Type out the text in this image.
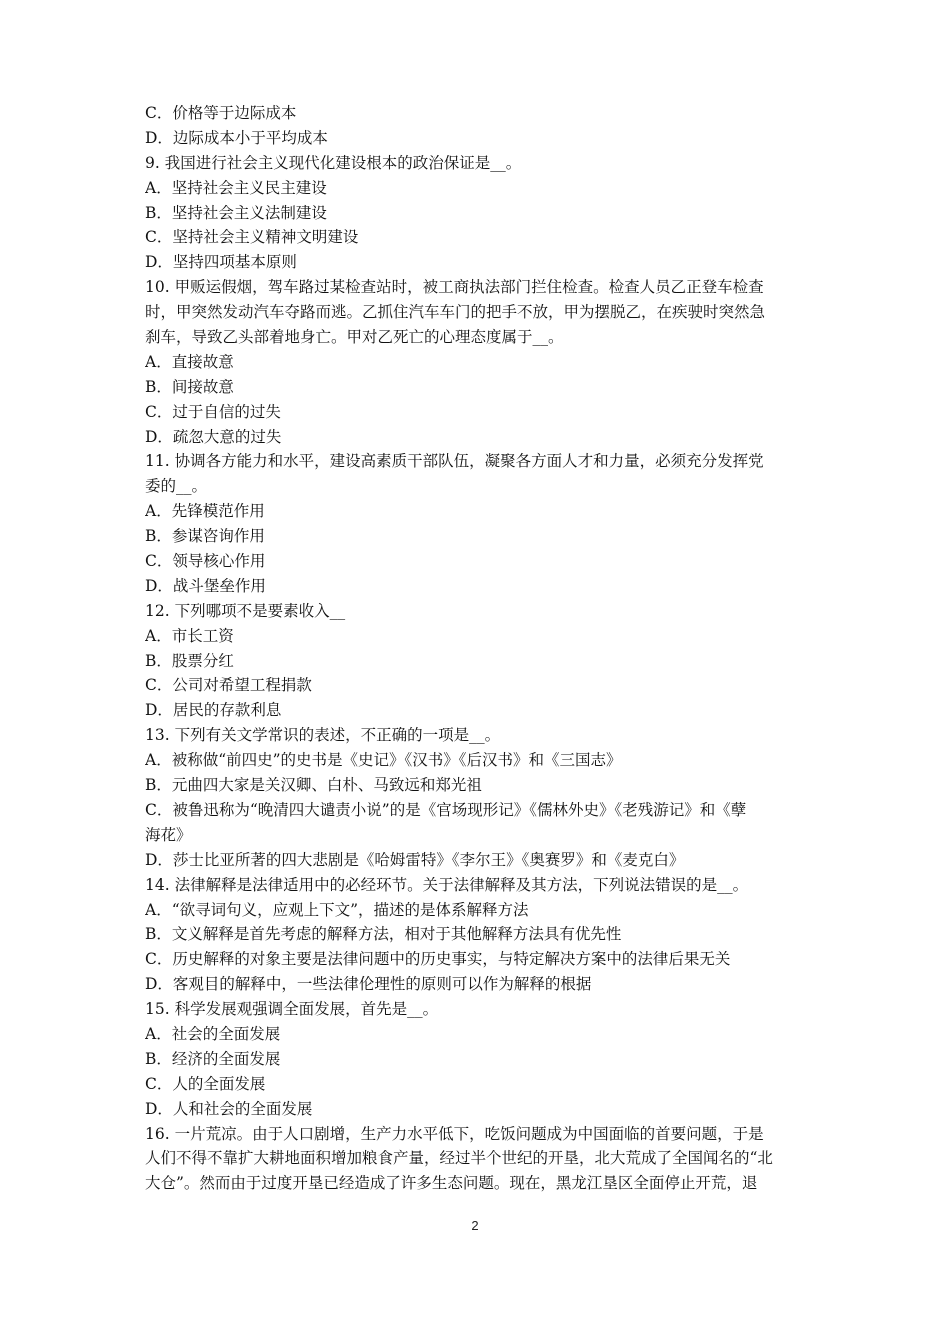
C．价格等于边际成本
D．边际成本小于平均成本
9. 我国进行社会主义现代化建设根本的政治保证是__。
A．坚持社会主义民主建设
B．坚持社会主义法制建设
C．坚持社会主义精神文明建设
D．坚持四项基本原则
10. 甲贩运假烟，驾车路过某检查站时，被工商执法部门拦住检查。检查人员乙正登车检查
时，甲突然发动汽车夺路而逃。乙抓住汽车车门的把手不放，甲为摆脱乙，在疾驶时突然急
刹车，导致乙头部着地身亡。甲对乙死亡的心理态度属于__。
A．直接故意
B．间接故意
C．过于自信的过失
D．疏忽大意的过失
11. 协调各方能力和水平，建设高素质干部队伍，凝聚各方面人才和力量，必须充分发挥党
委的__。
A．先锋模范作用
B．参谋咨询作用
C．领导核心作用
D．战斗堡垒作用
12. 下列哪项不是要素收入__
A．市长工资
B．股票分红
C．公司对希望工程捐款
D．居民的存款利息
13. 下列有关文学常识的表述，不正确的一项是__。
A．被称做“前四史”的史书是《史记》《汉书》《后汉书》和《三国志》
B．元曲四大家是关汉卿、白朴、马致远和郑光祖
C．被鲁迅称为“晚清四大谴责小说”的是《官场现形记》《儒林外史》《老残游记》和《孽
海花》
D．莎士比亚所著的四大悲剧是《哈姆雷特》《李尔王》《奥赛罗》和《麦克白》
14. 法律解释是法律适用中的必经环节。关于法律解释及其方法，下列说法错误的是__。
A．“欲寻词句义，应观上下文”，描述的是体系解释方法
B．文义解释是首先考虑的解释方法，相对于其他解释方法具有优先性
C．历史解释的对象主要是法律问题中的历史事实，与特定解决方案中的法律后果无关
D．客观目的解释中，一些法律伦理性的原则可以作为解释的根据
15. 科学发展观强调全面发展，首先是__。
A．社会的全面发展
B．经济的全面发展
C．人的全面发展
D．人和社会的全面发展
16. 一片荒凉。由于人口剧增，生产力水平低下，吃饭问题成为中国面临的首要问题，于是
人们不得不靠扩大耕地面积增加粮食产量，经过半个世纪的开垦，北大荒成了全国闻名的“北
大仓”。然而由于过度开垦已经造成了许多生态问题。现在，黑龙江垦区全面停止开荒，退
2
